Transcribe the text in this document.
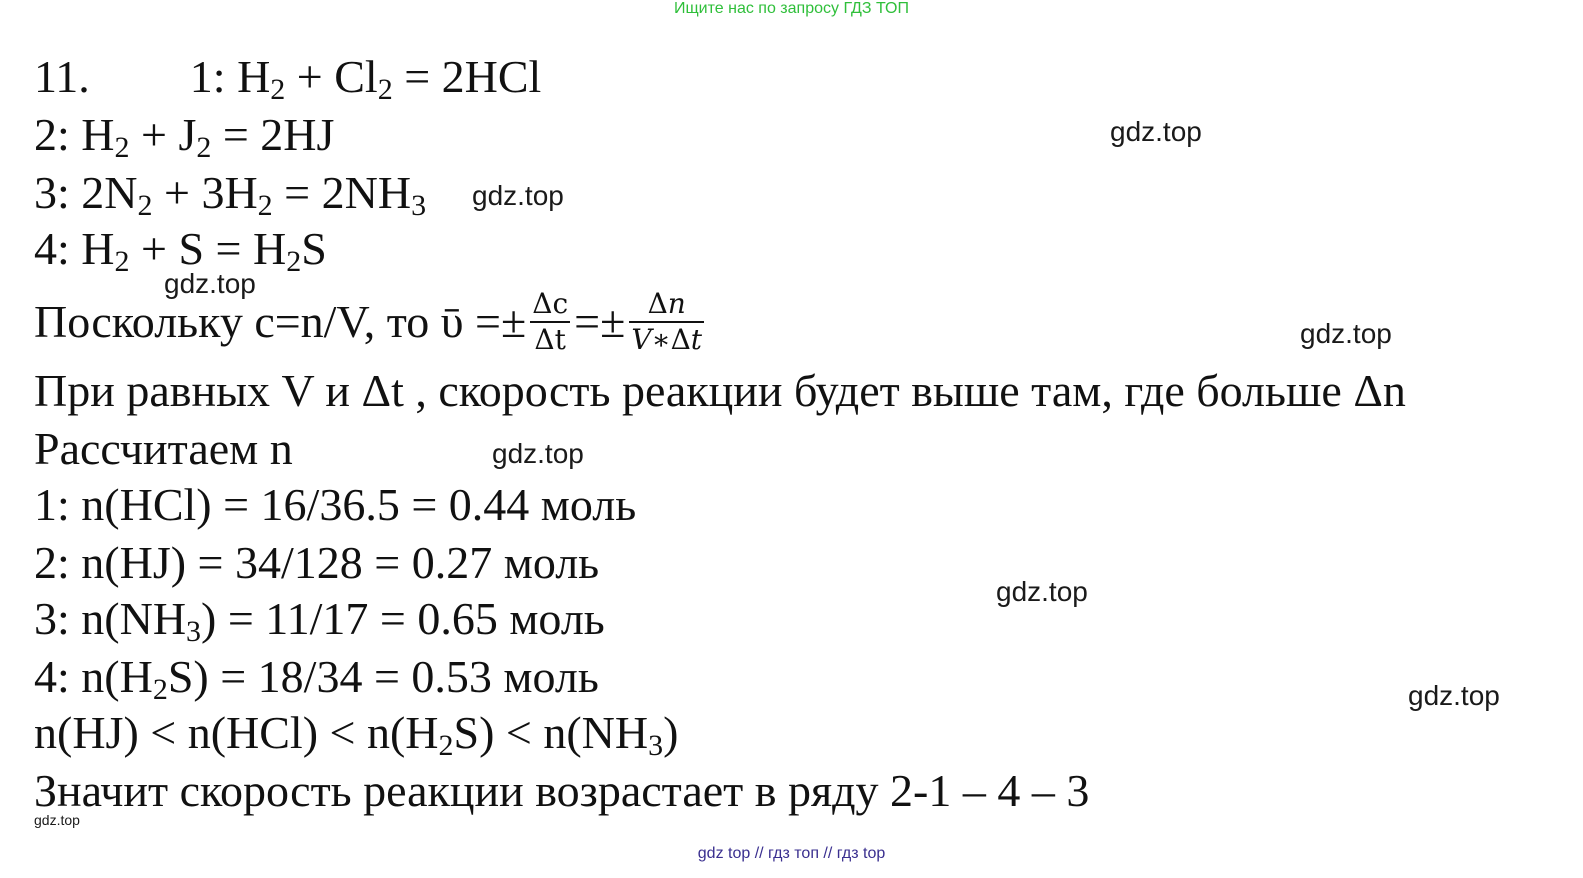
Ищите нас по запросу ГДЗ ТОП
11. 1: $H_2 + Cl_2 = 2HCl$
2: $H_2 + J_2 = 2HJ$
3: $2N_2 + 3H_2 = 2NH_3$
4: $H_2 + S = H_2S$
Поскольку c=n/V, то ῡ =± $\frac{\Delta c}{\Delta t} =\pm \frac{\text{Δ𝑛}}{\text{𝑉∗Δ𝑡}}$
При равных V и Δt , скорость реакции будет выше там, где больше Δn
Рассчитаем n
1: n(HCl) = 16/36.5 = 0.44 моль
2: n(HJ) = 34/128 = 0.27 моль
3: $n(NH_3) = 11/17 = 0.65$ моль
4: $n(H_2S) = 18/34 = 0.53$ моль
$n(HJ) < n(HCl) < n(H_2S) < n(NH_3)$
Значит скорость реакции возрастает в ряду 2-1 – 4 – 3
gdz.top
gdz.top
gdz.top
gdz.top
gdz.top
gdz.top
gdz.top
gdz.top
gdz top // гдз топ // гдз top
